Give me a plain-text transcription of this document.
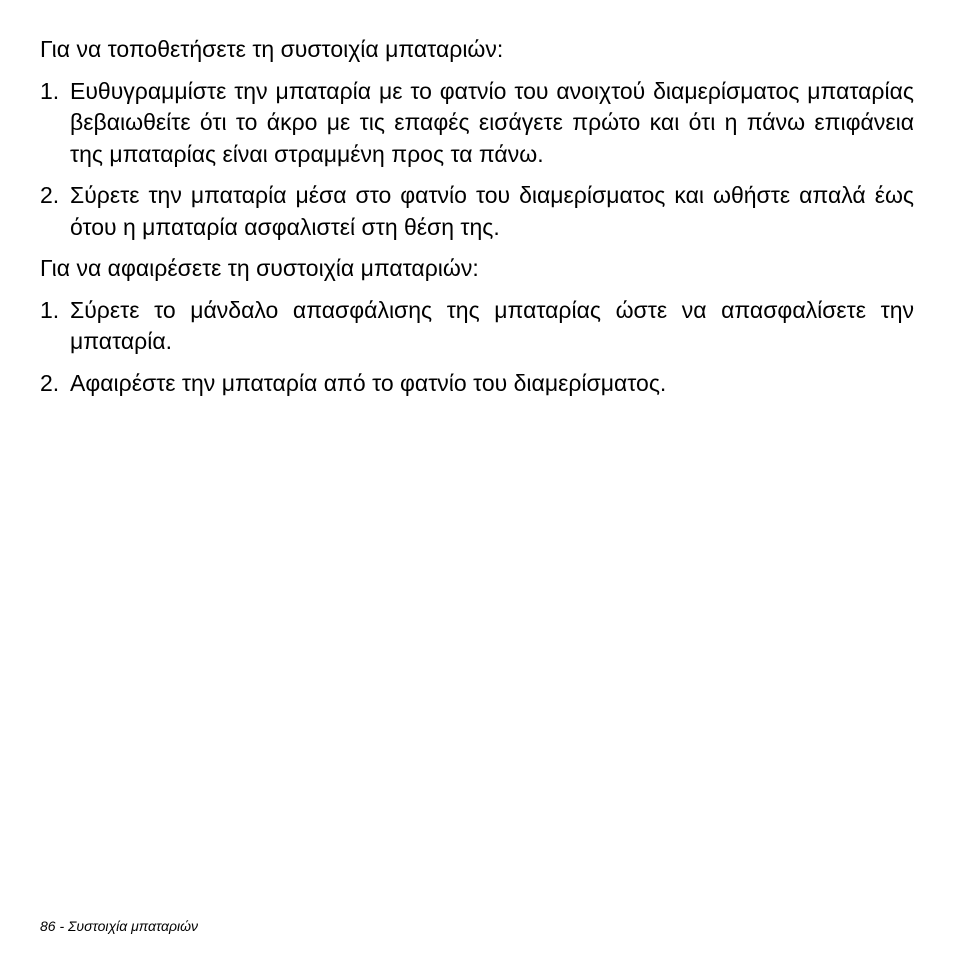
Για να τοποθετήσετε τη συστοιχία μπαταριών:

1. Ευθυγραμμίστε την μπαταρία με το φατνίο του ανοιχτού διαμερίσματος μπαταρίας βεβαιωθείτε ότι το άκρο με τις επαφές εισάγετε πρώτο και ότι η πάνω επιφάνεια της μπαταρίας είναι στραμμένη προς τα πάνω.
2. Σύρετε την μπαταρία μέσα στο φατνίο του διαμερίσματος και ωθήστε απαλά έως ότου η μπαταρία ασφαλιστεί στη θέση της.

Για να αφαιρέσετε τη συστοιχία μπαταριών:

1. Σύρετε το μάνδαλο απασφάλισης της μπαταρίας ώστε να απασφαλίσετε την μπαταρία.
2. Αφαιρέστε την μπαταρία από το φατνίο του διαμερίσματος.
86 - Συστοιχία μπαταριών
